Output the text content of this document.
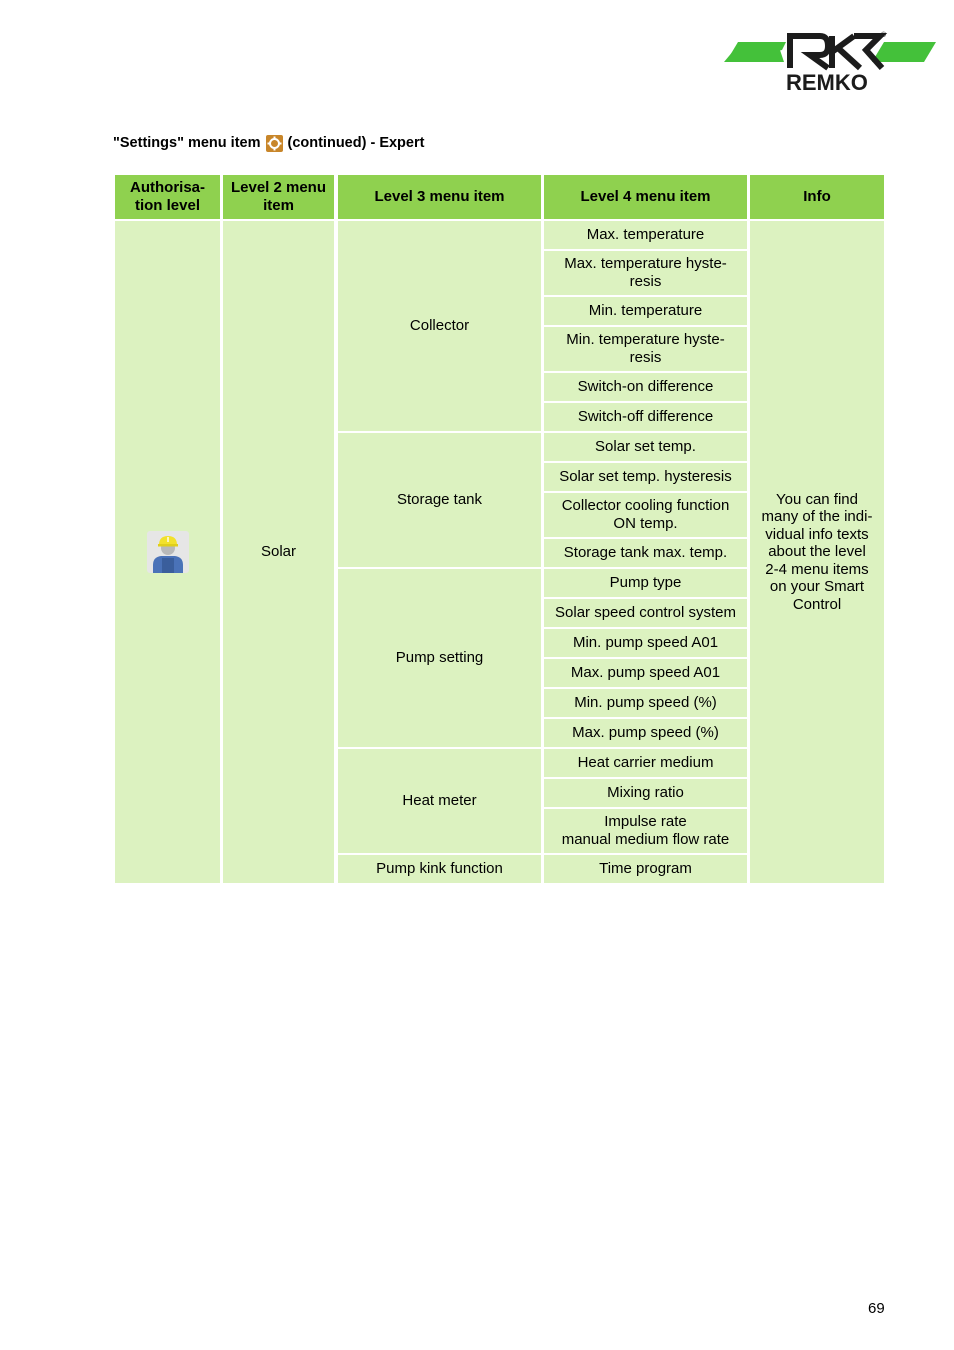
REMKO
®
"Settings" menu item (continued) - Expert
Authorisa-
tion level
Level 2 menu
item
Level 3 menu item	Level 4 menu item	Info
Solar
Max. temperature
Max. temperature hyste-
resis
Min. temperature
Min. temperature hyste-
resis
Switch-on difference
Switch-off difference
Collector
Solar set temp.
Solar set temp. hysteresis
Collector cooling function
ON temp.
Storage tank max. temp.
Storage tank
Pump type
Solar speed control system
Min. pump speed A01
Max. pump speed A01
Min. pump speed (%)
Max. pump speed (%)
Pump setting
Heat carrier medium
Mixing ratio
Impulse rate
manual medium flow rate
Heat meter
Time program
Pump kink function
You can find
many of the indi-
vidual info texts
about the level
2-4 menu items
on your Smart
Control
69
